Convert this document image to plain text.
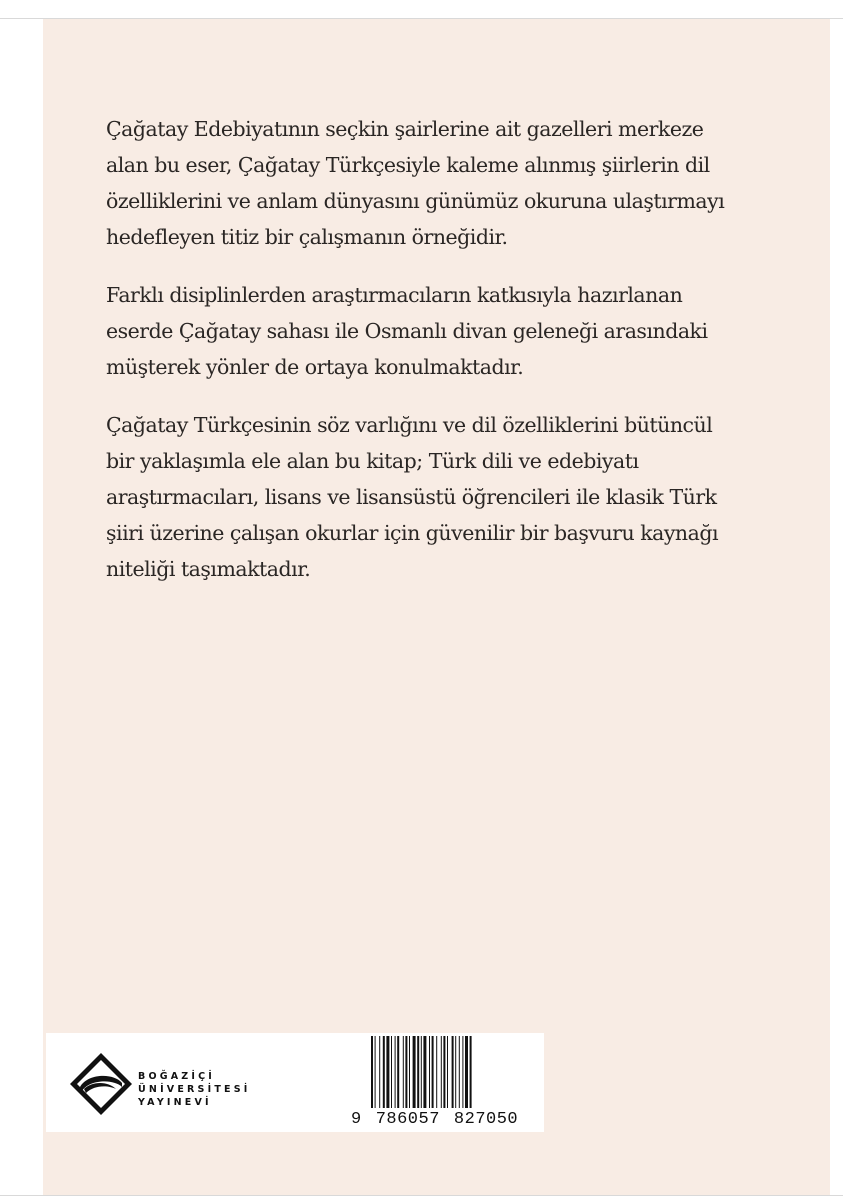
Çağatay Edebiyatının seçkin şairlerine ait gazelleri merkeze alan bu eser, Çağatay Türkçesiyle kaleme alınmış şiirlerin dil özelliklerini ve anlam dünyasını günümüz okuruna ulaştırmayı hedefleyen titiz bir çalışmanın örneğidir.

Farklı disiplinlerden araştırmacıların katkısıyla hazırlanan eserde Çağatay sahası ile Osmanlı divan geleneği arasındaki müşterek yönler de ortaya konulmaktadır.

Çağatay Türkçesinin söz varlığını ve dil özelliklerini bütüncül bir yaklaşımla ele alan bu kitap; Türk dili ve edebiyatı araştırmacıları, lisans ve lisansüstü öğrencileri ile klasik Türk şiiri üzerine çalışan okurlar için güvenilir bir başvuru kaynağı niteliği taşımaktadır.

BOĞAZİÇİ
ÜNİVERSİTESİ
YAYINEVİ
9 786057 827050
